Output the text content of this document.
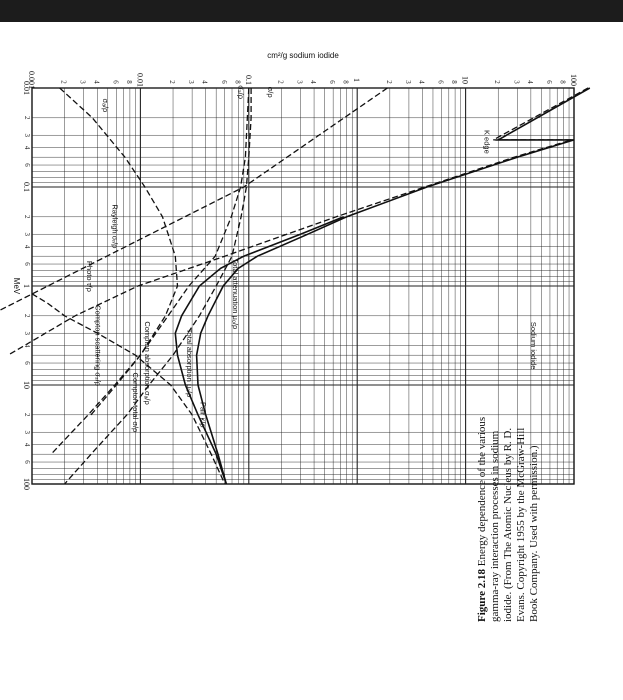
0.01
2
3
4
6
0.1
2
3
4
6
1
2
3
4
6
10
2
3
4
6
100
0.001	2 3 4 6 8 0.01	2 3 4 6 8 0.1	2 3 4 6 8 1	2 3 4 6 8 10	2 3 4 6 8 100
MeV
cm²/g sodium iodide
Sodium iodide
Total attenuation μ₀/ρ
Photo τ/ρ
Rayleigh σᵣ/ρ
Compton total σ/ρ Compton absorption σₐ/ρ
Compton scattering σₛ/ρ
Pair κ/ρ
Total absorption μₐ/ρ
K edge
σ/ρ
σₛ/ρ
σₐ/ρ
Figure 2.18 Energy dependence of the various gamma-ray interaction processes in sodium iodide. (From The Atomic Nucleus by R. D. Evans. Copyright 1955 by the McGraw-Hill Book Company. Used with permission.)
